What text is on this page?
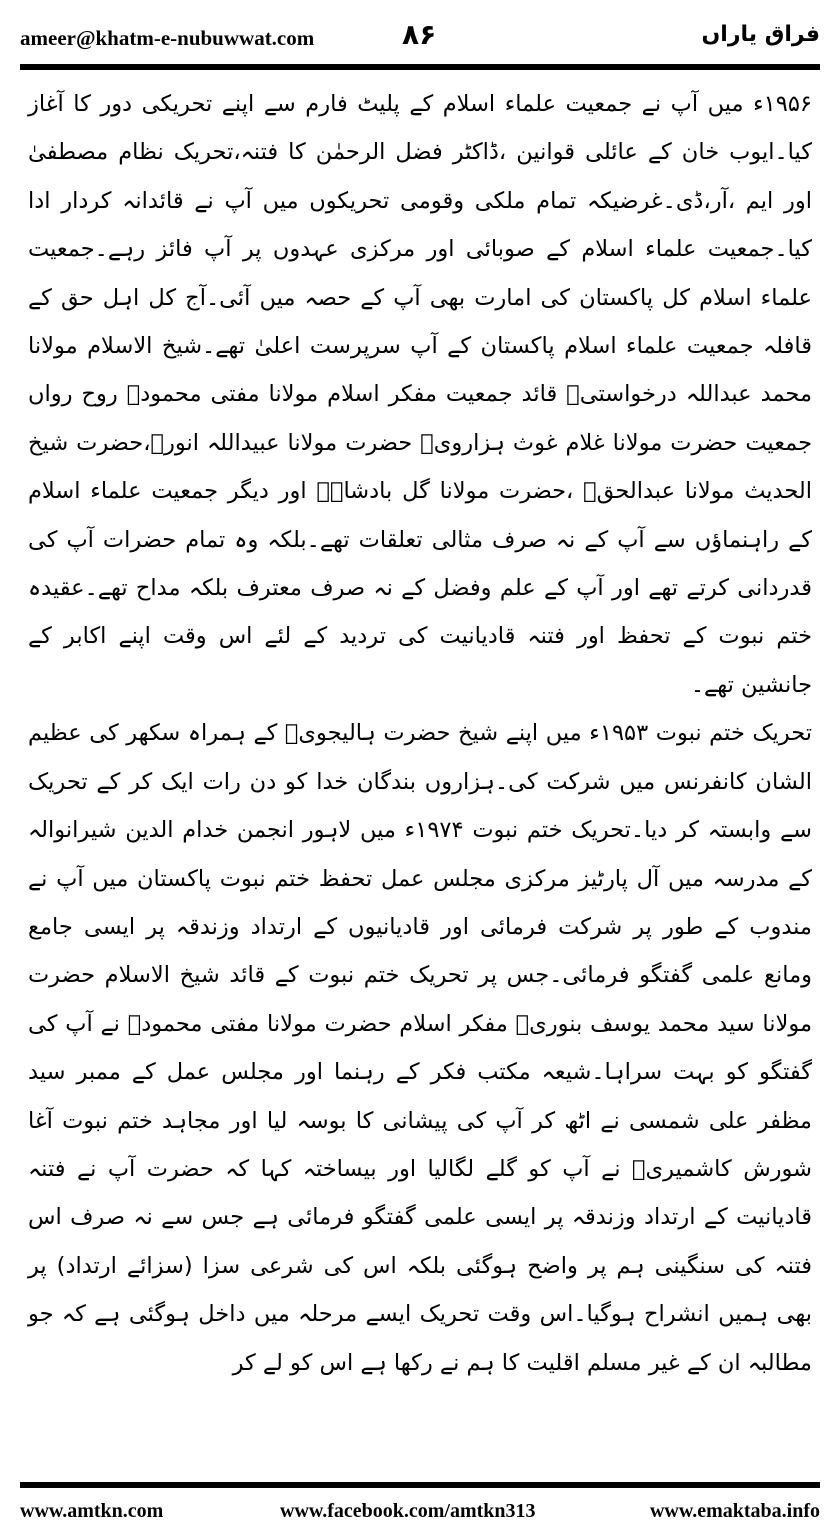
ameer@khatm-e-nubuwwat.com	۸۶	فراق یاراں

۱۹۵۶ء میں آپ نے جمعیت علماء اسلام کے پلیٹ فارم سے اپنے تحریکی دور کا آغاز کیا۔ایوب خان کے عائلی قوانین ،ڈاکٹر فضل الرحمٰن کا فتنہ،تحریک نظام مصطفیٰ اور ایم ،آر،ڈی۔غرضیکہ تمام ملکی وقومی تحریکوں میں آپ نے قائدانہ کردار ادا کیا۔جمعیت علماء اسلام کے صوبائی اور مرکزی عہدوں پر آپ فائز رہے۔جمعیت علماء اسلام کل پاکستان کی امارت بھی آپ کے حصہ میں آئی۔آج کل اہل حق کے قافلہ جمعیت علماء اسلام پاکستان کے آپ سرپرست اعلیٰ تھے۔شیخ الاسلام مولانا محمد عبداللہ درخواستیؒ قائد جمعیت مفکر اسلام مولانا مفتی محمودؒ روح رواں جمعیت حضرت مولانا غلام غوث ہزارویؒ حضرت مولانا عبیداللہ انورؒ،حضرت شیخ الحدیث مولانا عبدالحقؒ ،حضرت مولانا گل بادشاہؒ اور دیگر جمعیت علماء اسلام کے راہنماؤں سے آپ کے نہ صرف مثالی تعلقات تھے۔بلکہ وہ تمام حضرات آپ کی قدردانی کرتے تھے اور آپ کے علم وفضل کے نہ صرف معترف بلکہ مداح تھے۔عقیدہ ختم نبوت کے تحفظ اور فتنہ قادیانیت کی تردید کے لئے اس وقت اپنے اکابر کے جانشین تھے۔

تحریک ختم نبوت ۱۹۵۳ء میں اپنے شیخ حضرت ہالیجویؒ کے ہمراہ سکھر کی عظیم الشان کانفرنس میں شرکت کی۔ہزاروں بندگان خدا کو دن رات ایک کر کے تحریک سے وابستہ کر دیا۔تحریک ختم نبوت ۱۹۷۴ء میں لاہور انجمن خدام الدین شیرانوالہ کے مدرسہ میں آل پارٹیز مرکزی مجلس عمل تحفظ ختم نبوت پاکستان میں آپ نے مندوب کے طور پر شرکت فرمائی اور قادیانیوں کے ارتداد وزندقہ پر ایسی جامع ومانع علمی گفتگو فرمائی۔جس پر تحریک ختم نبوت کے قائد شیخ الاسلام حضرت مولانا سید محمد یوسف بنوریؒ مفکر اسلام حضرت مولانا مفتی محمودؒ نے آپ کی گفتگو کو بہت سراہا۔شیعہ مکتب فکر کے رہنما اور مجلس عمل کے ممبر سید مظفر علی شمسی نے اٹھ کر آپ کی پیشانی کا بوسہ لیا اور مجاہد ختم نبوت آغا شورش کاشمیریؒ نے آپ کو گلے لگالیا اور بیساختہ کہا کہ حضرت آپ نے فتنہ قادیانیت کے ارتداد وزندقہ پر ایسی علمی گفتگو فرمائی ہے جس سے نہ صرف اس فتنہ کی سنگینی ہم پر واضح ہوگئی بلکہ اس کی شرعی سزا (سزائے ارتداد) پر بھی ہمیں انشراح ہوگیا۔اس وقت تحریک ایسے مرحلہ میں داخل ہوگئی ہے کہ جو مطالبہ ان کے غیر مسلم اقلیت کا ہم نے رکھا ہے اس کو لے کر

www.amtkn.com	www.facebook.com/amtkn313	www.emaktaba.info
